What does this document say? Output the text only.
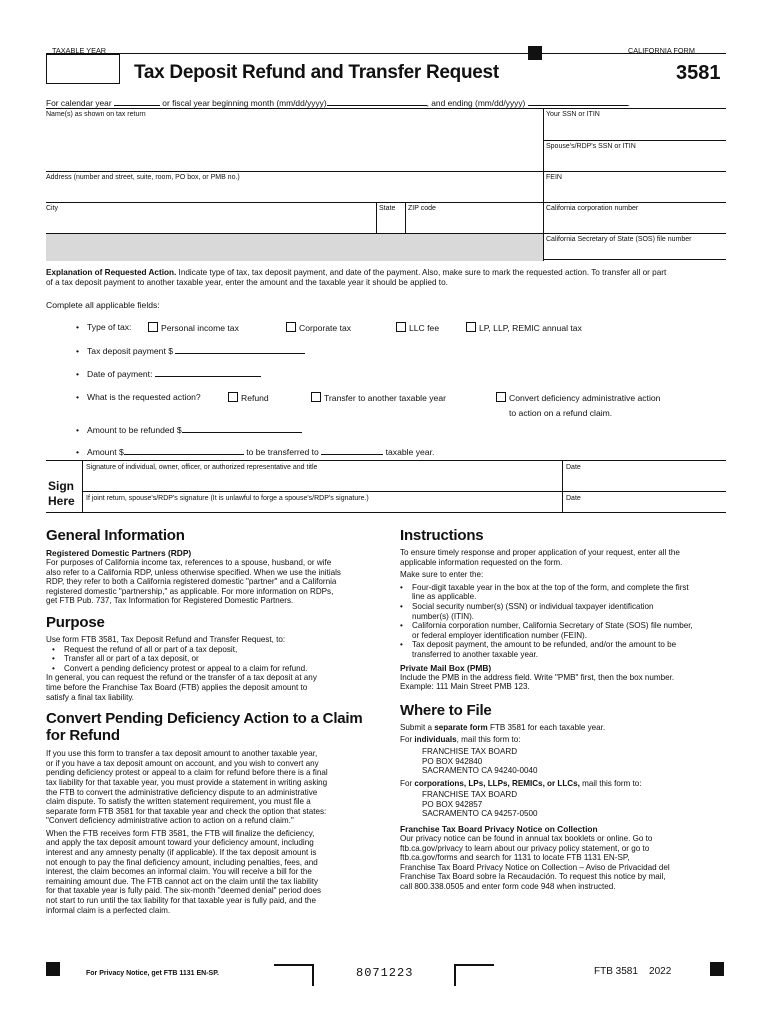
TAXABLE YEAR	CALIFORNIA FORM
Tax Deposit Refund and Transfer Request	3581
For calendar year	or fiscal year beginning month (mm/dd/yyyy)	, and ending (mm/dd/yyyy)	.
Name(s) as shown on tax return	Your SSN or ITIN
Spouse's/RDP's SSN or ITIN
Address (number and street, suite, room, PO box, or PMB no.)	FEIN
City	State ZIP code	California corporation number
California Secretary of State (SOS) file number
Explanation of Requested Action. Indicate type of tax, tax deposit payment, and date of the payment. Also, make sure to mark the requested action. To transfer all or part
of a tax deposit payment to another taxable year, enter the amount and the taxable year it should be applied to.
Complete all applicable fields:
• Type of tax:	Personal income tax	Corporate tax	LLC fee	LP, LLP, REMIC annual tax
• Tax deposit payment $
• Date of payment:
• What is the requested action?	Refund	Transfer to another taxable year	Convert deficiency administrative action
to action on a refund claim.
• Amount to be refunded $
• Amount $	to be transferred to	taxable year.
Sign
Here
Signature of individual, owner, officer, or authorized representative and title	Date
If joint return, spouse's/RDP's signature (It is unlawful to forge a spouse's/RDP's signature.)	Date
General Information
Registered Domestic Partners (RDP)
For purposes of California income tax, references to a spouse, husband, or wife
also refer to a California RDP, unless otherwise specified. When we use the initials
RDP, they refer to both a California registered domestic "partner" and a California
registered domestic "partnership," as applicable. For more information on RDPs,
get FTB Pub. 737, Tax Information for Registered Domestic Partners.
Purpose
Use form FTB 3581, Tax Deposit Refund and Transfer Request, to:
• Request the refund of all or part of a tax deposit,
• Transfer all or part of a tax deposit, or
• Convert a pending deficiency protest or appeal to a claim for refund.
In general, you can request the refund or the transfer of a tax deposit at any
time before the Franchise Tax Board (FTB) applies the deposit amount to
satisfy a final tax liability.
Convert Pending Deficiency Action to a Claim
for Refund
If you use this form to transfer a tax deposit amount to another taxable year,
or if you have a tax deposit amount on account, and you wish to convert any
pending deficiency protest or appeal to a claim for refund before there is a final
tax liability for that taxable year, you must provide a statement in writing asking
the FTB to convert the administrative deficiency dispute to an administrative
claim dispute. To satisfy the written statement requirement, you must file a
separate form FTB 3581 for that taxable year and check the option that states:
"Convert deficiency administrative action to action on a refund claim."
When the FTB receives form FTB 3581, the FTB will finalize the deficiency,
and apply the tax deposit amount toward your deficiency amount, including
interest and any amnesty penalty (if applicable). If the tax deposit amount is
not enough to pay the final deficiency amount, including penalties, fees, and
interest, the claim becomes an informal claim. You will receive a bill for the
remaining amount due. The FTB cannot act on the claim until the tax liability
for that taxable year is fully paid. The six-month "deemed denial" period does
not start to run until the tax liability for that taxable year is fully paid, and the
informal claim is a perfected claim.
Instructions
To ensure timely response and proper application of your request, enter all the
applicable information requested on the form.
Make sure to enter the:
• Four-digit taxable year in the box at the top of the form, and complete the first
line as applicable.
• Social security number(s) (SSN) or individual taxpayer identification
number(s) (ITIN).
• California corporation number, California Secretary of State (SOS) file number,
or federal employer identification number (FEIN).
• Tax deposit payment, the amount to be refunded, and/or the amount to be
transferred to another taxable year.
Private Mail Box (PMB)
Include the PMB in the address field. Write "PMB" first, then the box number.
Example: 111 Main Street PMB 123.
Where to File
Submit a separate form FTB 3581 for each taxable year.
For individuals, mail this form to:
FRANCHISE TAX BOARD
PO BOX 942840
SACRAMENTO CA 94240-0040
For corporations, LPs, LLPs, REMICs, or LLCs, mail this form to:
FRANCHISE TAX BOARD
PO BOX 942857
SACRAMENTO CA 94257-0500
Franchise Tax Board Privacy Notice on Collection
Our privacy notice can be found in annual tax booklets or online. Go to
ftb.ca.gov/privacy to learn about our privacy policy statement, or go to
ftb.ca.gov/forms and search for 1131 to locate FTB 1131 EN-SP,
Franchise Tax Board Privacy Notice on Collection – Aviso de Privacidad del
Franchise Tax Board sobre la Recaudación. To request this notice by mail,
call 800.338.0505 and enter form code 948 when instructed.
For Privacy Notice, get FTB 1131 EN-SP.	8071223	FTB 3581 2022
